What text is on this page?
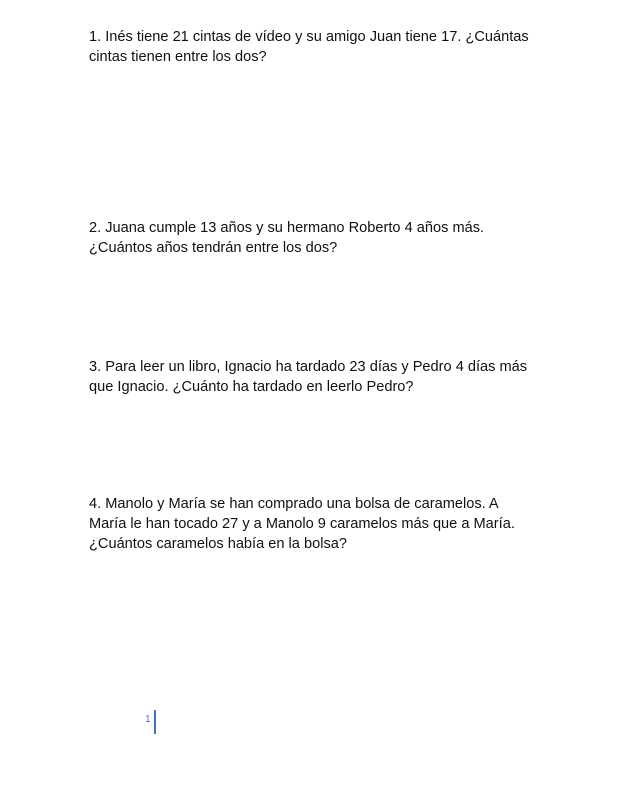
1. Inés tiene 21 cintas de vídeo y su amigo Juan tiene 17. ¿Cuántas
cintas tienen entre los dos?
2. Juana cumple 13 años y su hermano Roberto 4 años más.
¿Cuántos años tendrán entre los dos?
3. Para leer un libro, Ignacio ha tardado 23 días y Pedro 4 días más
que Ignacio. ¿Cuánto ha tardado en leerlo Pedro?
4. Manolo y María se han comprado una bolsa de caramelos. A
María le han tocado 27 y a Manolo 9 caramelos más que a María.
¿Cuántos caramelos había en la bolsa?
1
